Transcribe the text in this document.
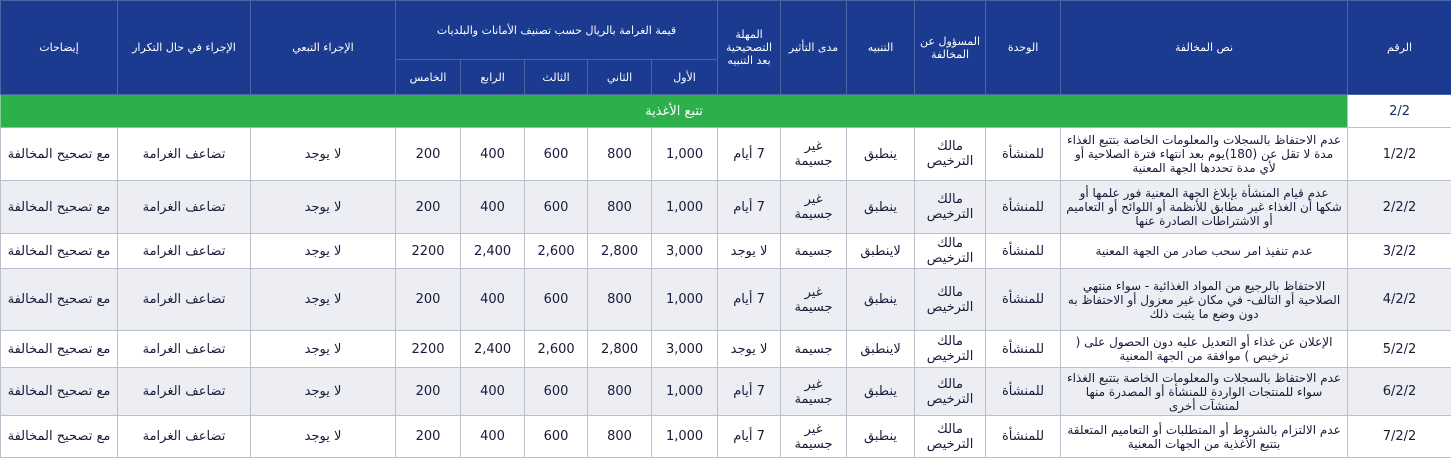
الرقم	نص المخالفة	الوحدة	المسؤول عن المخالفة	التنبيه	مدى التأثير	المهلة التصحيحية بعد التنبيه	قيمة الغرامة بالريال حسب تصنيف الأمانات والبلديات					الإجراء التبعي	الإجراء في حال التكرار	إيضاحات
							الأول	الثاني	الثالث	الرابع	الخامس			
2/2	تتبع الأغذية													
1/2/2	عدم الاحتفاظ بالسجلات والمعلومات الخاصة بتتبع الغذاء مدة لا تقل عن (180)يوم بعد انتهاء فترة الصلاحية أو لأي مدة تحددها الجهة المعنية	للمنشأة	مالك الترخيص	ينطبق	غير جسيمة	7 أيام	1,000	800	600	400	200	لا يوجد	تضاعف الغرامة	مع تصحيح المخالفة
2/2/2	عدم قيام المنشأة بإبلاغ الجهة المعنية فور علمها أو شكها أن الغذاء غير مطابق للأنظمة أو اللوائح أو التعاميم أو الاشتراطات الصادرة عنها	للمنشأة	مالك الترخيص	ينطبق	غير جسيمة	7 أيام	1,000	800	600	400	200	لا يوجد	تضاعف الغرامة	مع تصحيح المخالفة
3/2/2	عدم تنفيذ امر سحب صادر من الجهة المعنية	للمنشأة	مالك الترخيص	لاينطبق	جسيمة	لا يوجد	3,000	2,800	2,600	2,400	2200	لا يوجد	تضاعف الغرامة	مع تصحيح المخالفة
4/2/2	الاحتفاظ بالرجيع من المواد الغذائية - سواء منتهي الصلاحية أو التالف- في مكان غير معزول أو الاحتفاظ به دون وضع ما يثبت ذلك	للمنشأة	مالك الترخيص	ينطبق	غير جسيمة	7 أيام	1,000	800	600	400	200	لا يوجد	تضاعف الغرامة	مع تصحيح المخالفة
5/2/2	الإعلان عن غذاء أو التعديل عليه دون الحصول على ( ترخيص ) موافقة من الجهة المعنية	للمنشأة	مالك الترخيص	لاينطبق	جسيمة	لا يوجد	3,000	2,800	2,600	2,400	2200	لا يوجد	تضاعف الغرامة	مع تصحيح المخالفة
6/2/2	عدم الاحتفاظ بالسجلات والمعلومات الخاصة بتتبع الغذاء سواء للمنتجات الواردة للمنشأة أو المصدرة منها لمنشآت أخرى	للمنشأة	مالك الترخيص	ينطبق	غير جسيمة	7 أيام	1,000	800	600	400	200	لا يوجد	تضاعف الغرامة	مع تصحيح المخالفة
7/2/2	عدم الالتزام بالشروط أو المتطلبات أو التعاميم المتعلقة بتتبع الأغذية من الجهات المعنية	للمنشأة	مالك الترخيص	ينطبق	غير جسيمة	7 أيام	1,000	800	600	400	200	لا يوجد	تضاعف الغرامة	مع تصحيح المخالفة
